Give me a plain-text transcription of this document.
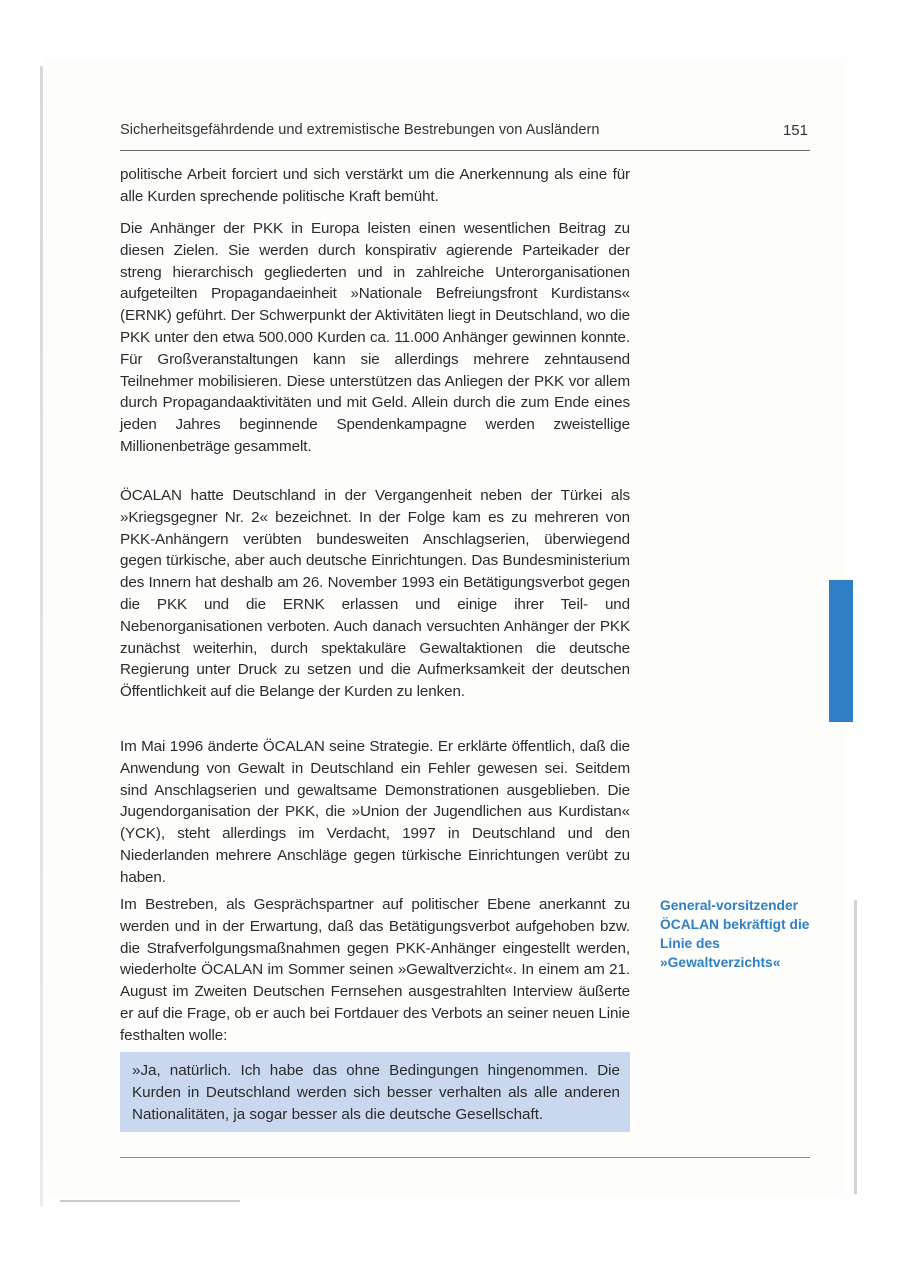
Sicherheitsgefährdende und extremistische Bestrebungen von Ausländern	151

politische Arbeit forciert und sich verstärkt um die Anerkennung als eine für alle Kurden sprechende politische Kraft bemüht.

Die Anhänger der PKK in Europa leisten einen wesentlichen Beitrag zu diesen Zielen. Sie werden durch konspirativ agierende Parteikader der streng hierarchisch gegliederten und in zahlreiche Unterorganisationen aufgeteilten Propagandaeinheit »Nationale Befreiungsfront Kurdistans« (ERNK) geführt. Der Schwerpunkt der Aktivitäten liegt in Deutschland, wo die PKK unter den etwa 500.000 Kurden ca. 11.000 Anhänger gewinnen konnte. Für Großveranstaltungen kann sie allerdings mehrere zehntausend Teilnehmer mobilisieren. Diese unterstützen das Anliegen der PKK vor allem durch Propagandaaktivitäten und mit Geld. Allein durch die zum Ende eines jeden Jahres beginnende Spendenkampagne werden zweistellige Millionenbeträge gesammelt.

ÖCALAN hatte Deutschland in der Vergangenheit neben der Türkei als »Kriegsgegner Nr. 2« bezeichnet. In der Folge kam es zu mehreren von PKK-Anhängern verübten bundesweiten Anschlagserien, überwiegend gegen türkische, aber auch deutsche Einrichtungen. Das Bundesministerium des Innern hat deshalb am 26. November 1993 ein Betätigungsverbot gegen die PKK und die ERNK erlassen und einige ihrer Teil- und Nebenorganisationen verboten. Auch danach versuchten Anhänger der PKK zunächst weiterhin, durch spektakuläre Gewaltaktionen die deutsche Regierung unter Druck zu setzen und die Aufmerksamkeit der deutschen Öffentlichkeit auf die Belange der Kurden zu lenken.

Im Mai 1996 änderte ÖCALAN seine Strategie. Er erklärte öffentlich, daß die Anwendung von Gewalt in Deutschland ein Fehler gewesen sei. Seitdem sind Anschlagserien und gewaltsame Demonstrationen ausgeblieben. Die Jugendorganisation der PKK, die »Union der Jugendlichen aus Kurdistan« (YCK), steht allerdings im Verdacht, 1997 in Deutschland und den Niederlanden mehrere Anschläge gegen türkische Einrichtungen verübt zu haben.

Im Bestreben, als Gesprächspartner auf politischer Ebene anerkannt zu werden und in der Erwartung, daß das Betätigungsverbot aufgehoben bzw. die Strafverfolgungsmaßnahmen gegen PKK-Anhänger eingestellt werden, wiederholte ÖCALAN im Sommer seinen »Gewaltverzicht«. In einem am 21. August im Zweiten Deutschen Fernsehen ausgestrahlten Interview äußerte er auf die Frage, ob er auch bei Fortdauer des Verbots an seiner neuen Linie festhalten wolle:

General-vorsitzender ÖCALAN bekräftigt die Linie des »Gewaltverzichts«

»Ja, natürlich. Ich habe das ohne Bedingungen hingenommen. Die Kurden in Deutschland werden sich besser verhalten als alle anderen Nationalitäten, ja sogar besser als die deutsche Gesellschaft.
